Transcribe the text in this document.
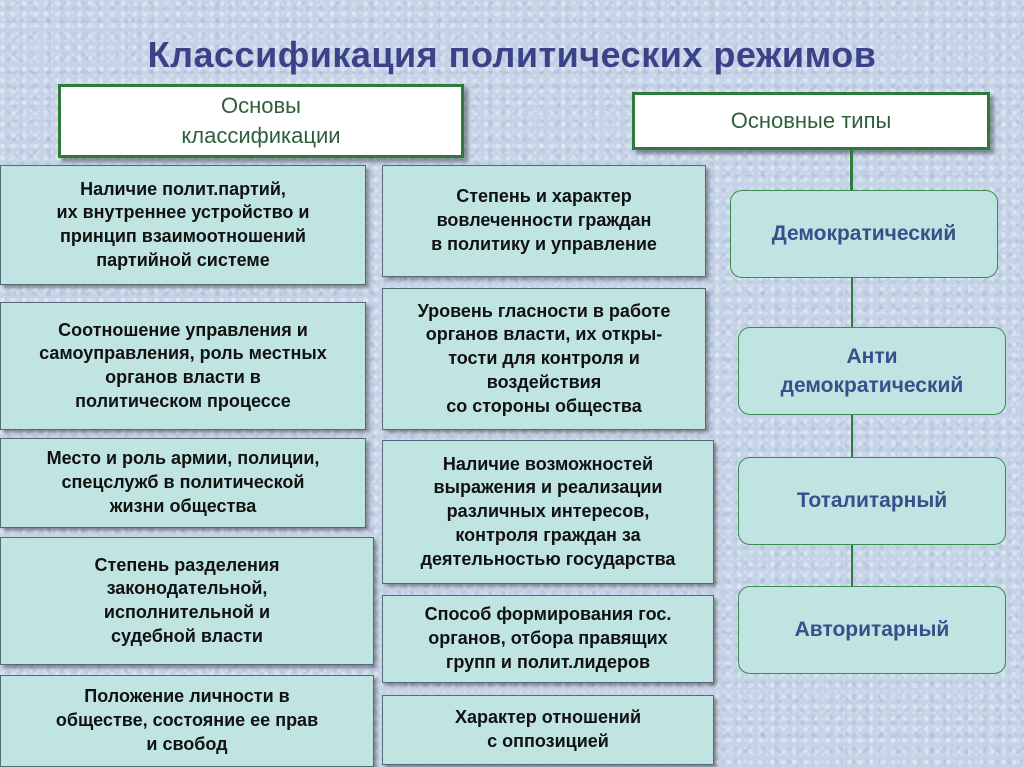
Классификация политических режимов
Основы
классификации
Основные типы
Наличие полит.партий,
их внутреннее устройство и
принцип взаимоотношений
партийной системе
Соотношение управления и
самоуправления, роль местных
органов власти в
политическом процессе
Место и роль армии, полиции,
спецслужб в политической
жизни общества
Степень разделения
законодательной,
исполнительной и
судебной власти
Положение личности в
обществе, состояние ее прав
и свобод
Степень и характер
вовлеченности граждан
в политику и управление
Уровень гласности в работе
органов власти, их откры-
тости для контроля и
воздействия
со стороны общества
Наличие возможностей
выражения и реализации
различных интересов,
контроля граждан за
деятельностью государства
Способ формирования гос.
органов, отбора правящих
групп и полит.лидеров
Характер отношений
с оппозицией
Демократический
Анти
демократический
Тоталитарный
Авторитарный
